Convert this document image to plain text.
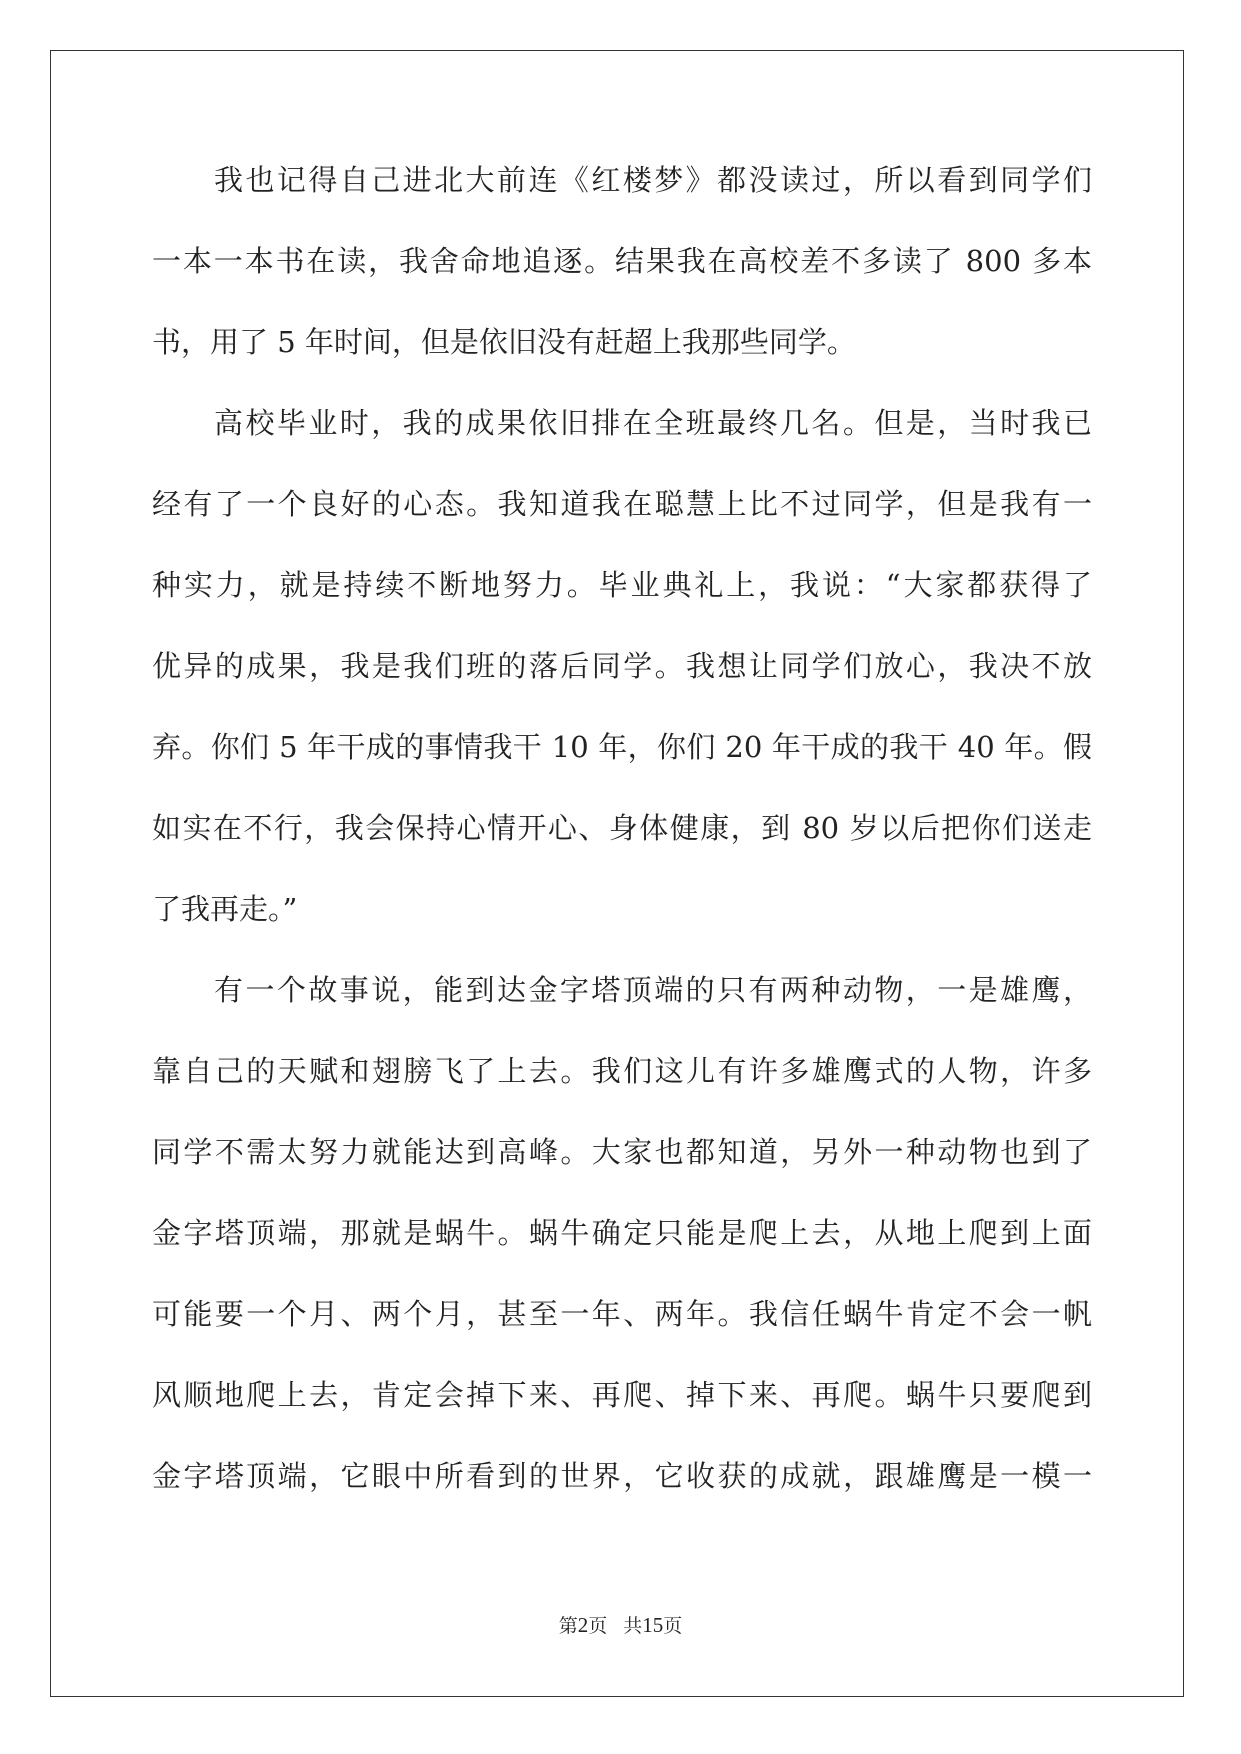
我也记得自己进北大前连《红楼梦》都没读过，所以看到同学们
一本一本书在读，我舍命地追逐。结果我在高校差不多读了 800 多本
书，用了 5 年时间，但是依旧没有赶超上我那些同学。
高校毕业时，我的成果依旧排在全班最终几名。但是，当时我已
经有了一个良好的心态。我知道我在聪慧上比不过同学，但是我有一
种实力，就是持续不断地努力。毕业典礼上，我说：“大家都获得了
优异的成果，我是我们班的落后同学。我想让同学们放心，我决不放
弃。你们 5 年干成的事情我干 10 年，你们 20 年干成的我干 40 年。假
如实在不行，我会保持心情开心、身体健康，到 80 岁以后把你们送走
了我再走。”
有一个故事说，能到达金字塔顶端的只有两种动物，一是雄鹰，
靠自己的天赋和翅膀飞了上去。我们这儿有许多雄鹰式的人物，许多
同学不需太努力就能达到高峰。大家也都知道，另外一种动物也到了
金字塔顶端，那就是蜗牛。蜗牛确定只能是爬上去，从地上爬到上面
可能要一个月、两个月，甚至一年、两年。我信任蜗牛肯定不会一帆
风顺地爬上去，肯定会掉下来、再爬、掉下来、再爬。蜗牛只要爬到
金字塔顶端，它眼中所看到的世界，它收获的成就，跟雄鹰是一模一
第2页 共15页
